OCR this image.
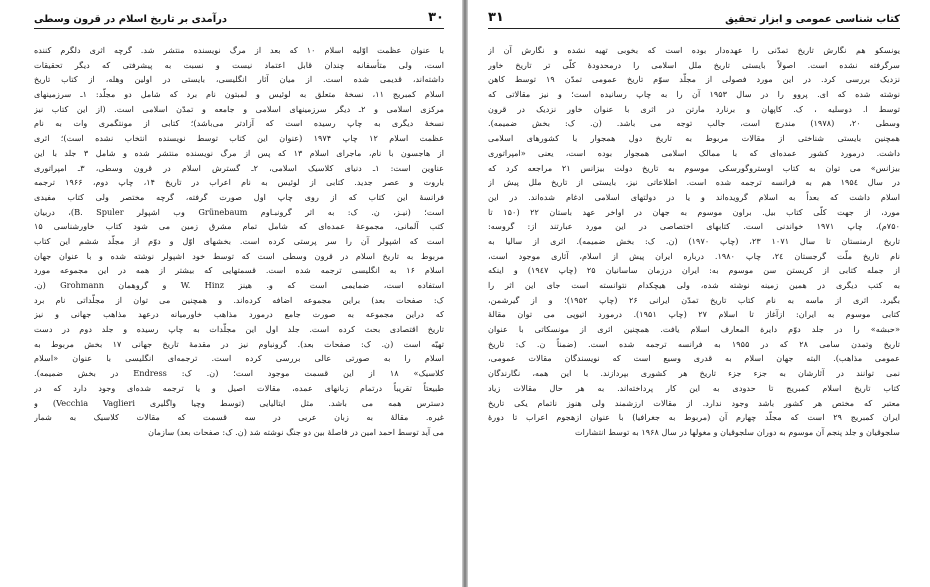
۳۰
درآمدی بر تاریخ اسلام در قرون وسطی
با عنوان عظمت اوّلیه اسلام ۱۰ که بعد از مرگ نویسنده منتشر شد. گرچه اثری دلگرم کننده
است، ولی متأسفانه چندان قابل اعتماد نیست و نسبت به پیشرفتی که دیگر تحقیقات
داشته‌اند، قدیمی شده است. از میان آثار انگلیسی، بایستی در اولین وهله، از کتاب تاریخ
اسلام کمبریج ۱۱، نسخهٔ متعلق به لوئیس و لمبتون نام برد که شامل دو مجلّد: ۱ـ سرزمینهای
مرکزی اسلامی و ۲ـ دیگر سرزمینهای اسلامی و جامعه و تمدّن اسلامی است. (از این کتاب نیز
نسخهٔ دیگری به چاپ رسیده است که آزادتر می‌باشد)؛ کتابی از مونتگمری وات به نام
عظمت اسلام ۱۲ چاپ ۱۹۷۴ (عنوان این کتاب توسط نویسنده انتخاب نشده است)؛ اثری
از هاجسون با نام، ماجرای اسلام ۱۳ که پس از مرگ نویسنده منتشر شده و شامل ۳ جلد با این
عناوین است: ۱ـ دنیای کلاسیک اسلامی، ۲ـ گسترش اسلام در قرون وسطی، ۳ـ امپراتوری
باروت و عصر جدید. کتابی از لوئیس به نام اعراب در تاریخ ۱۴، چاپ دوم، ۱۹۶۶ ترجمه
فرانسهٔ این کتاب که از روی چاپ اول صورت گرفته، گرچه مختصر ولی کتاب مفیدی
است؛ (نیـز، ن. ک: به اثر گرونبـاوم Grünebaum وب اشپولر B. Spuler)، دربیان
کتب آلمانی، مجموعهٔ عمده‌ای که شامل تمام مشرق زمین می شود کتاب خاورشناسی ۱۵
است که اشپولر آن را سر پرستی کرده است. بخشهای اوّل و دوّم از مجلّد ششم این کتاب
مربوط به تاریخ اسلام در قرون وسطی است که توسط خود اشپولر نوشته شده و با عنوان جهان
اسلام ۱۶ به انگلیسی ترجمه شده است. قسمتهایی که بیشتر از همه در این مجموعه مورد
استفاده است، ضمایمی است که و. هینز W. Hinz و گروهمان Grohmann (ن.
ک: صفحات بعد) براین مجموعه اضافه کرده‌اند. و همچنین می توان از مجلّداتی نام برد
که دراین مجموعه به صورت جامع درمورد مذاهب خاورمیانه درعهد مذاهب جهانی و نیز
تاریخ اقتصادی بحث کرده است. جلد اول این مجلّدات به چاپ رسیده و جلد دوم در دست
تهیّه است (ن. ک: صفحات بعد). گرونباوم نیز در مقدمهٔ تاریخ جهانی ۱۷ بخش مربوط به
اسلام را به صورتی عالی بررسی کرده است. ترجمه‌ای انگلیسی با عنوان «اسلام
کلاسیک» ۱۸ از این قسمت موجود است؛ (ن. ک: Endress در بخش ضمیمه).
طبیعتاً تقریباً درتمام زبانهای عمده، مقالات اصیل و یا ترجمه شده‌ای وجود دارد که در
دسترس همه می باشد. مثل ایتالیایی (توسط وچیا واگلیری Vecchia Vaglieri) و
غیره. مقالهٔ به زبان عربی در سه قسمت که مقالات کلاسیک به شمار
می آید توسط احمد امین در فاصلهٔ بین دو جنگ نوشته شد (ن. ک: صفحات بعد) سازمان
کتاب شناسی عمومی و ابزار تحقیق
۳۱
یونسکو هم نگارش تاریخ تمدّنی را عهده‌دار بوده است که بخوبی تهیه نشده و نگارش آن از
سرگرفته نشده است. اصولاً بایستی تاریخ ملل اسلامی را درمحدودهٔ کلّی تر تاریخ خاور
نزدیک بررسی کرد. در این مورد فصولی از مجلّد سوّم تاریخ عمومی تمدّن ۱۹ توسط کاهن
نوشته شده که ای. پروو را در سال ۱۹۵۳ آن را به چاپ رسانیده است؛ و نیز مقالاتی که
توسط ا. دوسلیه ، ک. کاپهان و برنارد مارتن در اثری با عنوان خاور نزدیک در قرون
وسطی ۲۰، (۱۹۷۸) مندرج است، جالب توجه می باشد. (ن. ک: بخش ضمیمه).
همچنین بایستی شناختی از مقالات مربوط به تاریخ دول همجوار با کشورهای اسلامی
داشت. درمورد کشور عمده‌ای که با ممالک اسلامی همجوار بوده است، یعنی «امپراتوری
بیزانس» می توان به کتاب اوستروگورسکی موسوم به تاریخ دولت بیزانس ۲۱ مراجعه کرد که
در سال ۱۹۵٤ هم به فرانسه ترجمه شده است. اطلاعاتی نیز، بایستی از تاریخ ملل پیش از
اسلام داشت که بعداً به اسلام گرویده‌اند و یا در دولتهای اسلامی ادغام شده‌اند. در این
مورد، از جهت کلّی کتاب بیل. براون موسوم به جهان در اواخر عهد باستان ۲۲ (۱۵۰ تا
۷۵۰م)، چاپ ۱۹۷۱ خواندنی است. کتابهای اختصاصی در این مورد عبارتند از: گروسه:
تاریخ ارمنستان تا سال ۱۰۷۱ ۲۳، (چاپ ۱۹۷۰) (ن. ک: بخش ضمیمه). اثری از سالیا به
نام تاریخ ملّت گرجستان ۲٤، چاپ ۱۹۸۰. درباره ایران پیش از اسلام، آثاری موجود است،
از جمله کتابی از کریستن سن موسوم به: ایران درزمان ساسانیان ۲۵ (چاپ ۱۹٤۷) و اینکه
به کتب دیگری در همین زمینه نوشته شده، ولی هیچکدام نتوانسته است جای این اثر را
بگیرد. اثری از ماسه به نام کتاب تاریخ تمدّن ایرانی ۲۶ (چاپ ۱۹۵۲)؛ و از گیرشمن،
کتابی موسوم به ایران: ازآغاز تا اسلام ۲۷ (چاپ ۱۹۵۱). درمورد اتیوپی می توان مقالهٔ
«حبشه» را در جلد دوّم دایرة المعارف اسلام یافت. همچنین اثری از مونسکاتی با عنوان
تاریخ وتمدن سامی ۲۸ که در ۱۹۵۵ به فرانسه ترجمه شده است. (ضمناً ن. ک: تاریخ
عمومی مذاهب). البته جهان اسلام به قدری وسیع است که نویسندگان مقالات عمومی،
نمی توانند در آثارشان به جزء جزء تاریخ هر کشوری بپردازند. با این همه، نگارندگان
کتاب تاریخ اسلام کمبریج تا حدودی به این کار پرداخته‌اند. به هر حال مقالات زیاد
معتبر که مختص هر کشور باشد وجود ندارد. از مقالات ارزشمند ولی هنوز ناتمام یکی تاریخ
ایران کمبریج ۲۹ است که مجلّد چهارم آن (مربوط به جغرافیا) با عنوان ازهجوم اعراب تا دورهٔ
سلجوقیان و جلد پنجم آن موسوم به دوران سلجوقیان و مغولها در سال ۱۹۶۸ به توسط انتشارات
